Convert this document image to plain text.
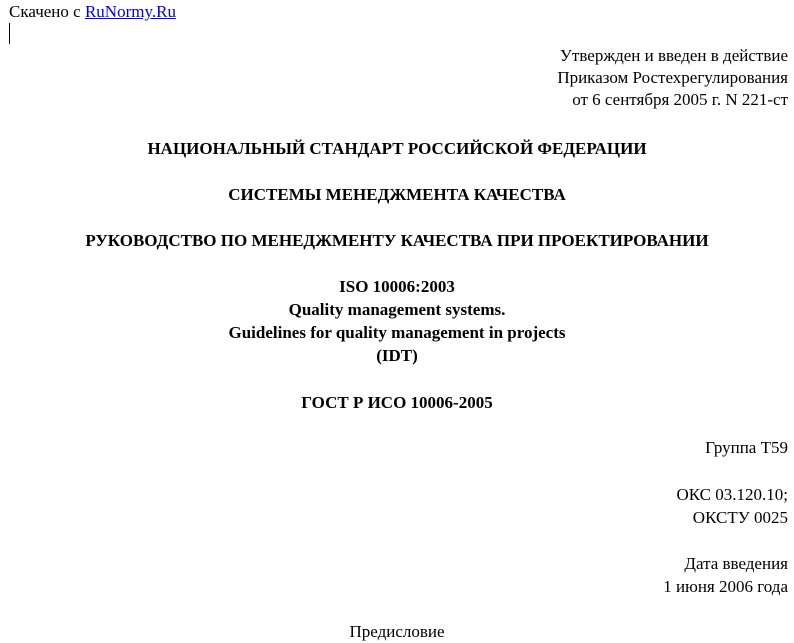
Скачено с RuNormy.Ru
Утвержден и введен в действие
Приказом Ростехрегулирования
от 6 сентября 2005 г. N 221-ст
НАЦИОНАЛЬНЫЙ СТАНДАРТ РОССИЙСКОЙ ФЕДЕРАЦИИ
СИСТЕМЫ МЕНЕДЖМЕНТА КАЧЕСТВА
РУКОВОДСТВО ПО МЕНЕДЖМЕНТУ КАЧЕСТВА ПРИ ПРОЕКТИРОВАНИИ
ISO 10006:2003
Quality management systems.
Guidelines for quality management in projects
(IDT)
ГОСТ Р ИСО 10006-2005
Группа Т59
ОКС 03.120.10;
ОКСТУ 0025
Дата введения
1 июня 2006 года
Предисловие
